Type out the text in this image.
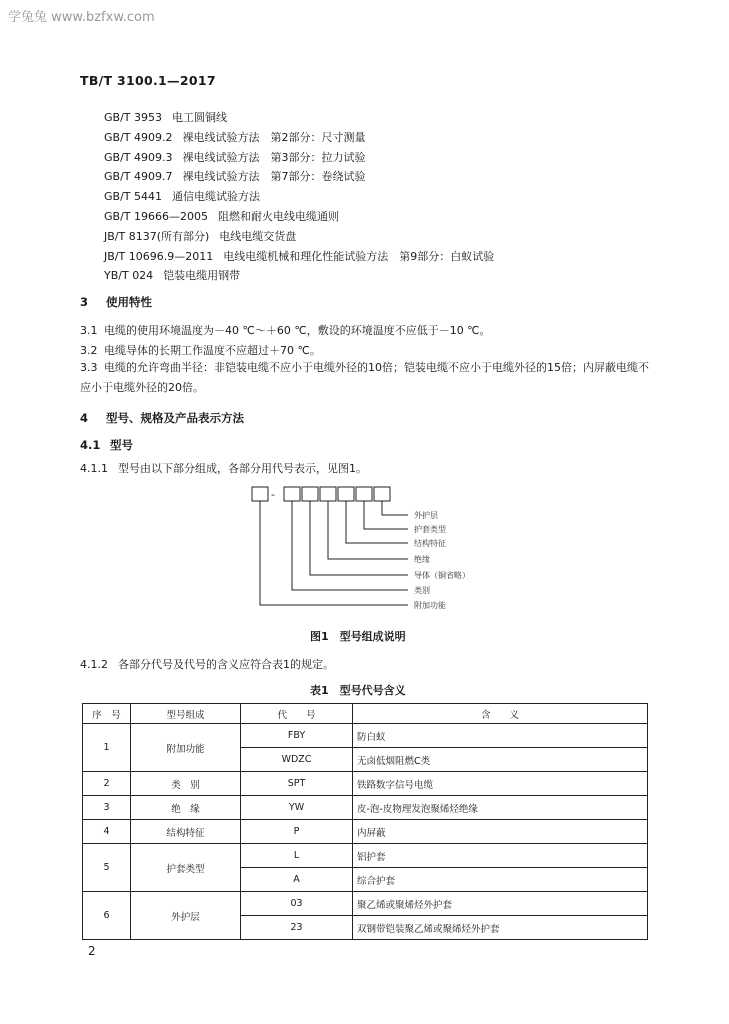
学兔兔 www.bzfxw.com
TB/T 3100.1—2017
GB/T 3953 电工圆铜线
GB/T 4909.2 裸电线试验方法　第2部分：尺寸测量
GB/T 4909.3 裸电线试验方法　第3部分：拉力试验
GB/T 4909.7 裸电线试验方法　第7部分：卷绕试验
GB/T 5441 通信电缆试验方法
GB/T 19666—2005 阻燃和耐火电线电缆通则
JB/T 8137(所有部分) 电线电缆交货盘
JB/T 10696.9—2011 电线电缆机械和理化性能试验方法　第9部分：白蚁试验
YB/T 024 铠装电缆用钢带
3 使用特性
3.1 电缆的使用环境温度为－40 ℃～＋60 ℃，敷设的环境温度不应低于－10 ℃。
3.2 电缆导体的长期工作温度不应超过＋70 ℃。
3.3 电缆的允许弯曲半径：非铠装电缆不应小于电缆外径的10倍；铠装电缆不应小于电缆外径的15倍；内屏蔽电缆不应小于电缆外径的20倍。
4 型号、规格及产品表示方法
4.1 型号
4.1.1 型号由以下部分组成，各部分用代号表示，见图1。
-
外护层
护套类型
结构特征
绝缘
导体（铜省略）
类别
附加功能
图1　型号组成说明
4.1.2 各部分代号及代号的含义应符合表1的规定。
表1　型号代号含义
序　号	型号组成	代　　号	含　　义
1	附加功能	FBY	防白蚁
		WDZC	无卤低烟阻燃C类
2	类　别	SPT	铁路数字信号电缆
3	绝　缘	YW	皮-泡-皮物理发泡聚烯烃绝缘
4	结构特征	P	内屏蔽
5	护套类型	L	铝护套
		A	综合护套
6	外护层	03	聚乙烯或聚烯烃外护套
		23	双钢带铠装聚乙烯或聚烯烃外护套
2
